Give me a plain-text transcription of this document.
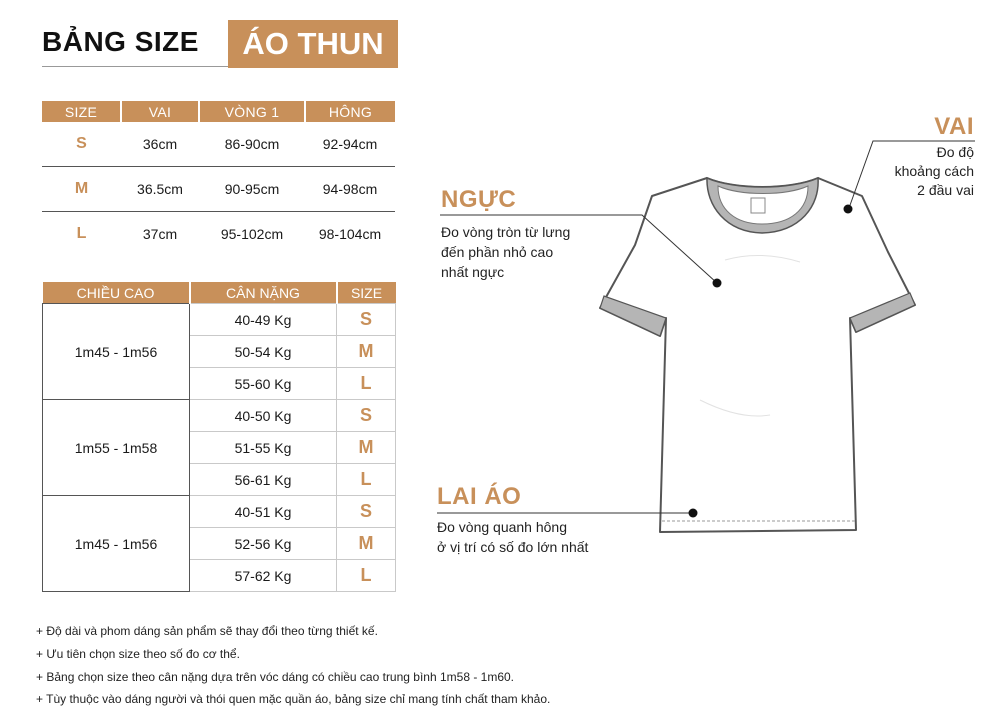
BẢNG SIZE	ÁO THUN
SIZE	VAI	VÒNG 1	HÔNG
S	36cm	86-90cm	92-94cm
M	36.5cm	90-95cm	94-98cm
L	37cm	95-102cm	98-104cm
CHIỀU CAO	CÂN NẶNG	SIZE
1m45 - 1m56	40-49 Kg	S
	50-54 Kg	M
	55-60 Kg	L
1m55 - 1m58	40-50 Kg	S
	51-55 Kg	M
	56-61 Kg	L
1m45 - 1m56	40-51 Kg	S
	52-56 Kg	M
	57-62 Kg	L
+ Độ dài và phom dáng sản phẩm sẽ thay đổi theo từng thiết kế.
+ Ưu tiên chọn size theo số đo cơ thể.
+ Bảng chọn size theo cân nặng dựa trên vóc dáng có chiều cao trung bình 1m58 - 1m60.
+ Tùy thuộc vào dáng người và thói quen mặc quần áo, bảng size chỉ mang tính chất tham khảo.
VAI
Đo độ
khoảng cách
2 đầu vai
NGỰC
Đo vòng tròn từ lưng
đến phần nhỏ cao
nhất ngực
LAI ÁO
Đo vòng quanh hông
ở vị trí có số đo lớn nhất
